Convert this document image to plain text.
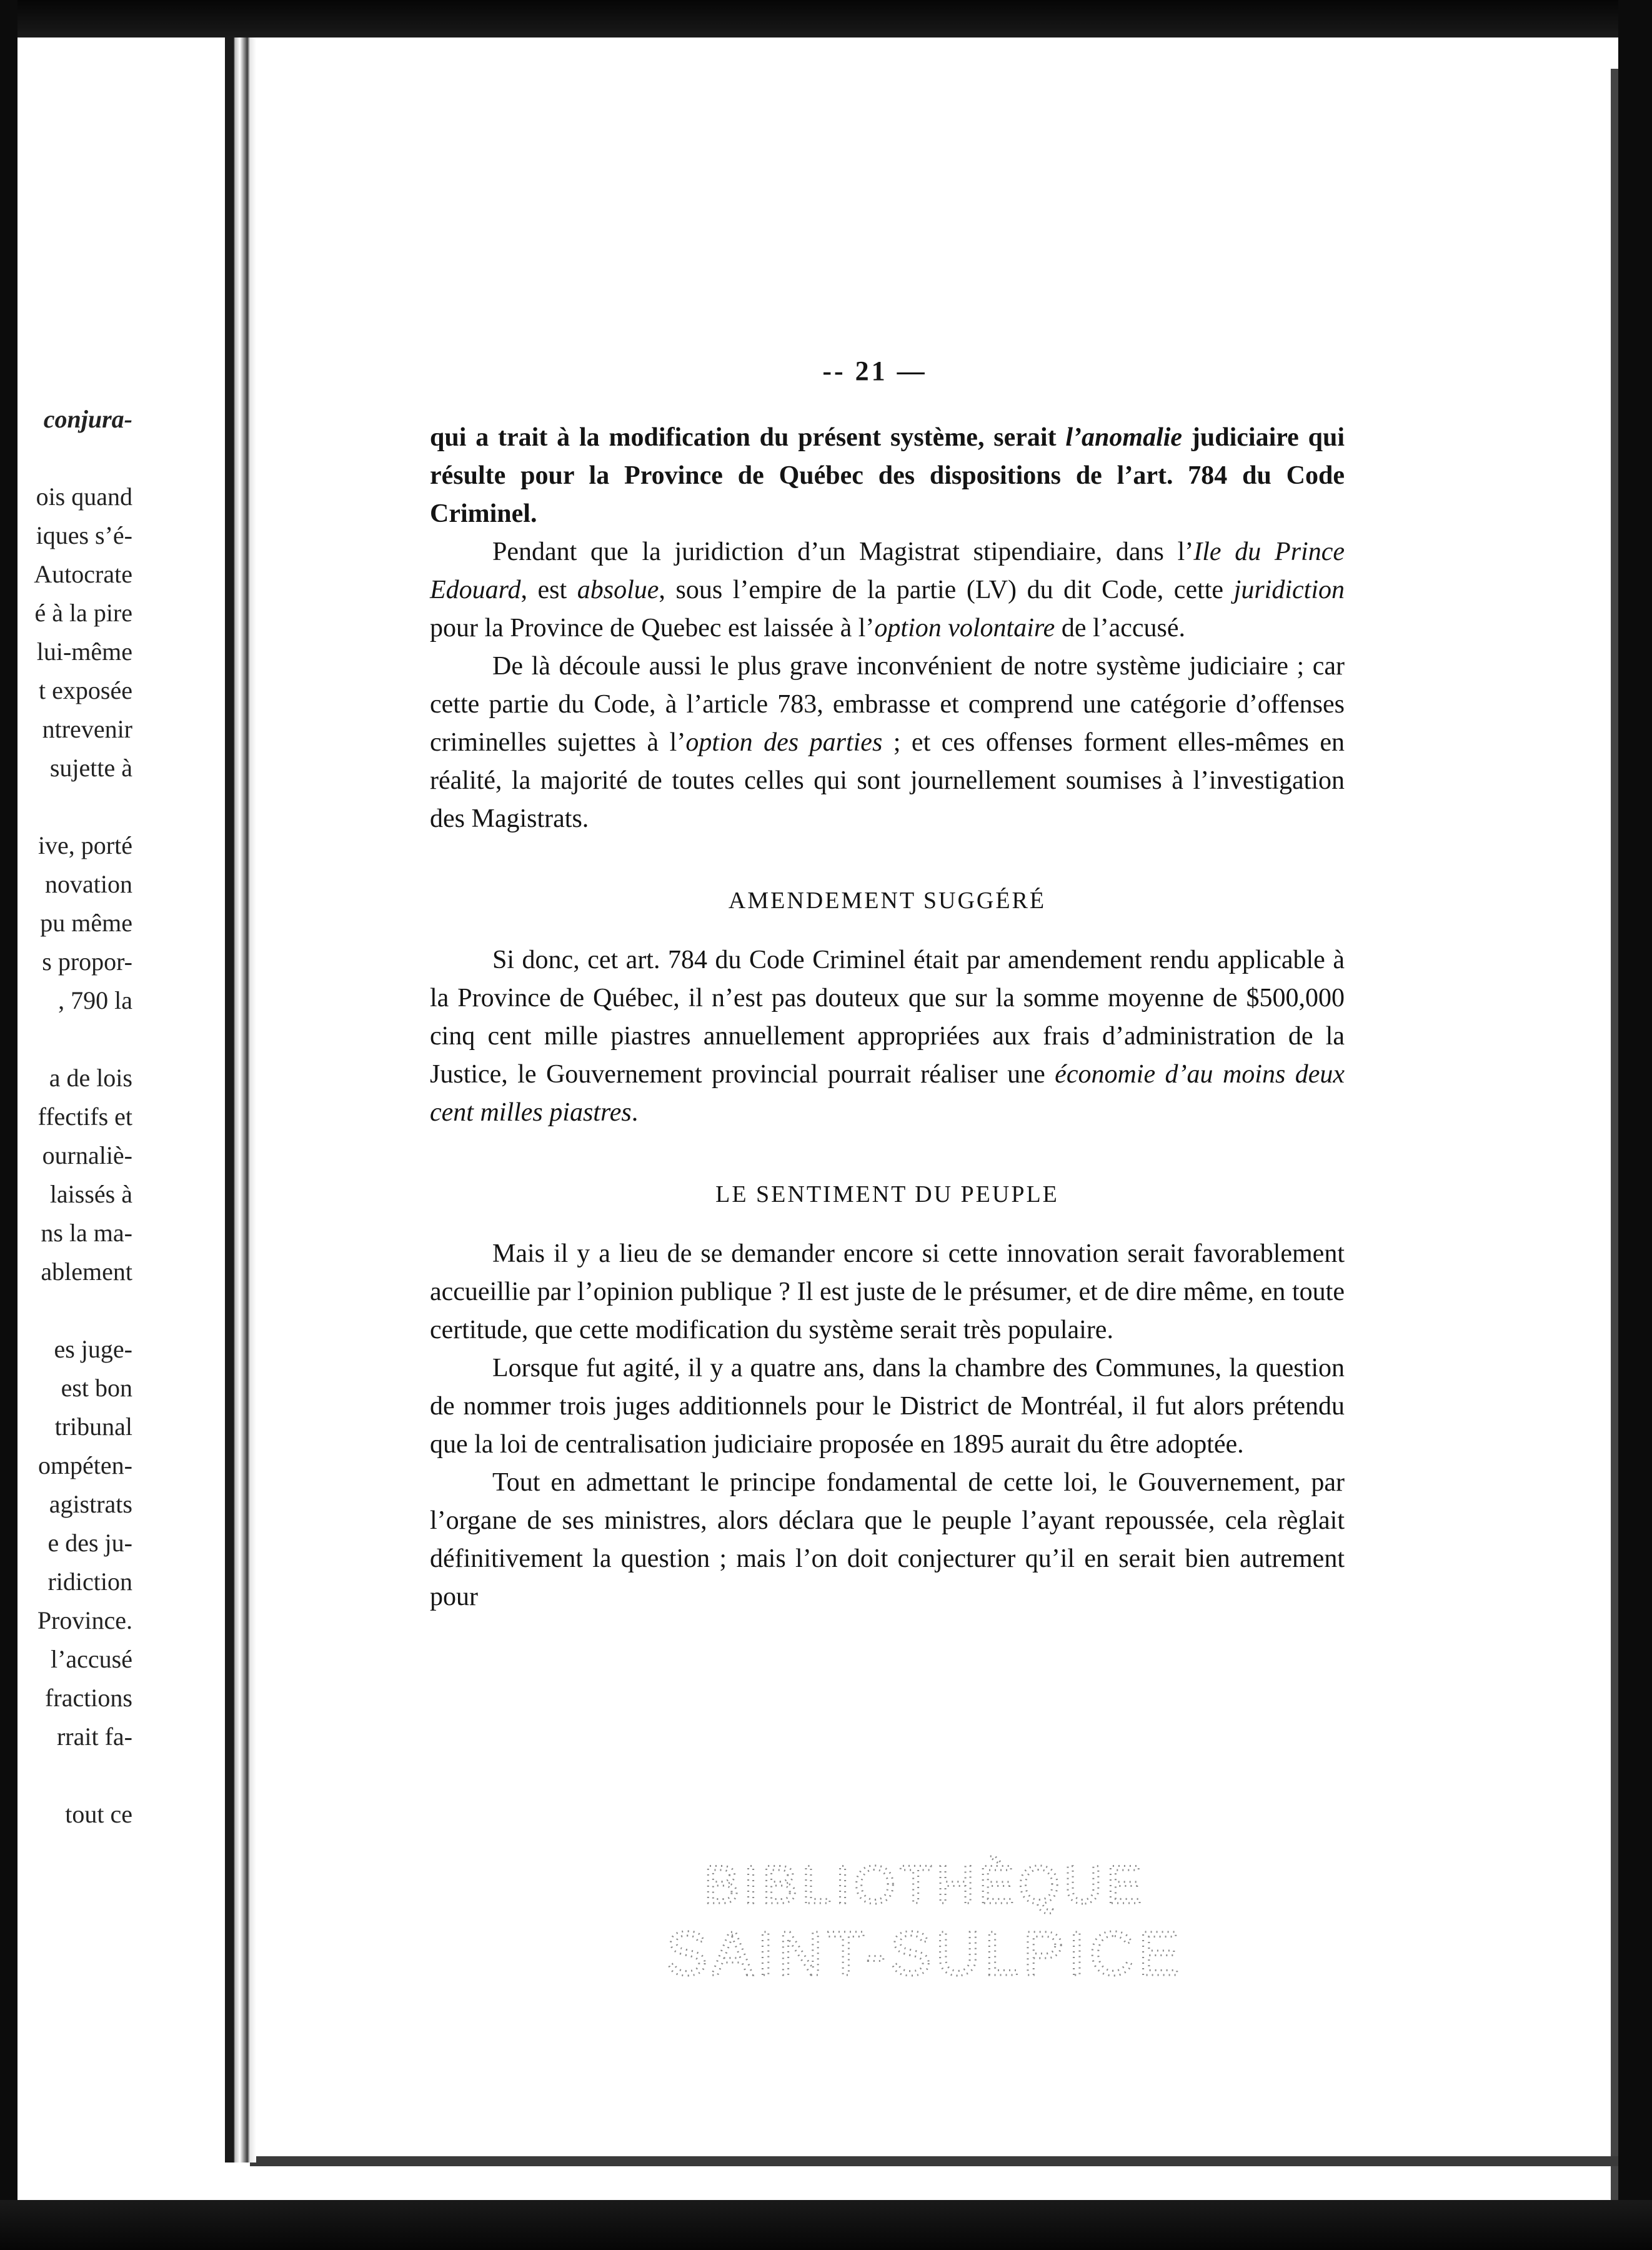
conjura-
ois quand
iques s’é-
Autocrate
é à la pire
lui-même
t exposée
ntrevenir
sujette à
ive, porté
novation
pu même
s propor-
, 790 la
a de lois
ffectifs et
ournaliè-
laissés à
ns la ma-
ablement
es juge-
est bon
tribunal
ompéten-
agistrats
e des ju-
ridiction
Province.
l’accusé
fractions
rrait fa-
tout ce
-- 21 —

qui a trait à la modification du présent système, serait l’anomalie judiciaire qui résulte pour la Province de Québec des dispositions de l’art. 784 du Code Criminel.

Pendant que la juridiction d’un Magistrat stipendiaire, dans l’Ile du Prince Edouard, est absolue, sous l’empire de la partie (LV) du dit Code, cette juridiction pour la Province de Quebec est laissée à l’option volontaire de l’accusé.

De là découle aussi le plus grave inconvénient de notre système judiciaire ; car cette partie du Code, à l’article 783, embrasse et comprend une catégorie d’offenses criminelles sujettes à l’option des parties ; et ces offenses forment elles-mêmes en réalité, la majorité de toutes celles qui sont journellement soumises à l’investigation des Magistrats.

AMENDEMENT SUGGÉRÉ

Si donc, cet art. 784 du Code Criminel était par amendement rendu applicable à la Province de Québec, il n’est pas douteux que sur la somme moyenne de $500,000 cinq cent mille piastres annuellement appropriées aux frais d’administration de la Justice, le Gouvernement provincial pourrait réaliser une économie d’au moins deux cent milles piastres.

LE SENTIMENT DU PEUPLE

Mais il y a lieu de se demander encore si cette innovation serait favorablement accueillie par l’opinion publique ? Il est juste de le présumer, et de dire même, en toute certitude, que cette modification du système serait très populaire.

Lorsque fut agité, il y a quatre ans, dans la chambre des Communes, la question de nommer trois juges additionnels pour le District de Montréal, il fut alors prétendu que la loi de centralisation judiciaire proposée en 1895 aurait du être adoptée.

Tout en admettant le principe fondamental de cette loi, le Gouvernement, par l’organe de ses ministres, alors déclara que le peuple l’ayant repoussée, cela règlait définitivement la question ; mais l’on doit conjecturer qu’il en serait bien autrement pour

BIBLIOTHÈQUE
SAINT-SULPICE
